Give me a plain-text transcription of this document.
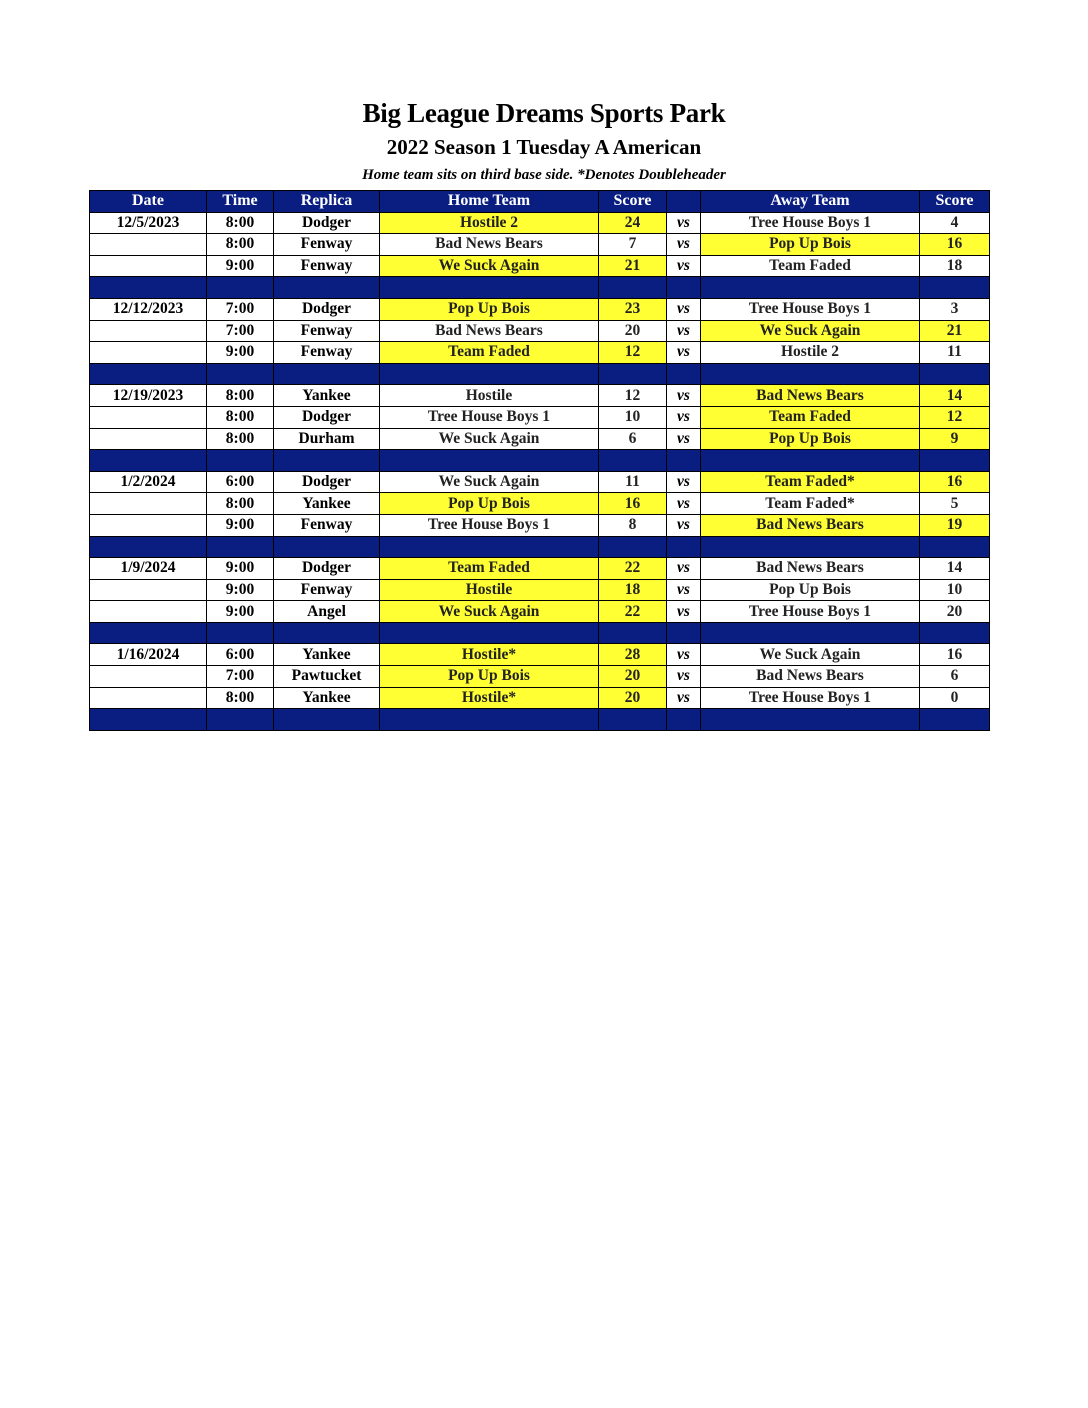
Big League Dreams Sports Park
2022 Season 1 Tuesday A American
Home team sits on third base side. *Denotes Doubleheader
Date	Time	Replica	Home Team	Score		Away Team	Score
12/5/2023	8:00	Dodger	Hostile 2	24	vs	Tree House Boys 1	4
	8:00	Fenway	Bad News Bears	7	vs	Pop Up Bois	16
	9:00	Fenway	We Suck Again	21	vs	Team Faded	18

12/12/2023	7:00	Dodger	Pop Up Bois	23	vs	Tree House Boys 1	3
	7:00	Fenway	Bad News Bears	20	vs	We Suck Again	21
	9:00	Fenway	Team Faded	12	vs	Hostile 2	11

12/19/2023	8:00	Yankee	Hostile	12	vs	Bad News Bears	14
	8:00	Dodger	Tree House Boys 1	10	vs	Team Faded	12
	8:00	Durham	We Suck Again	6	vs	Pop Up Bois	9

1/2/2024	6:00	Dodger	We Suck Again	11	vs	Team Faded*	16
	8:00	Yankee	Pop Up Bois	16	vs	Team Faded*	5
	9:00	Fenway	Tree House Boys 1	8	vs	Bad News Bears	19

1/9/2024	9:00	Dodger	Team Faded	22	vs	Bad News Bears	14
	9:00	Fenway	Hostile	18	vs	Pop Up Bois	10
	9:00	Angel	We Suck Again	22	vs	Tree House Boys 1	20

1/16/2024	6:00	Yankee	Hostile*	28	vs	We Suck Again	16
	7:00	Pawtucket	Pop Up Bois	20	vs	Bad News Bears	6
	8:00	Yankee	Hostile*	20	vs	Tree House Boys 1	0
